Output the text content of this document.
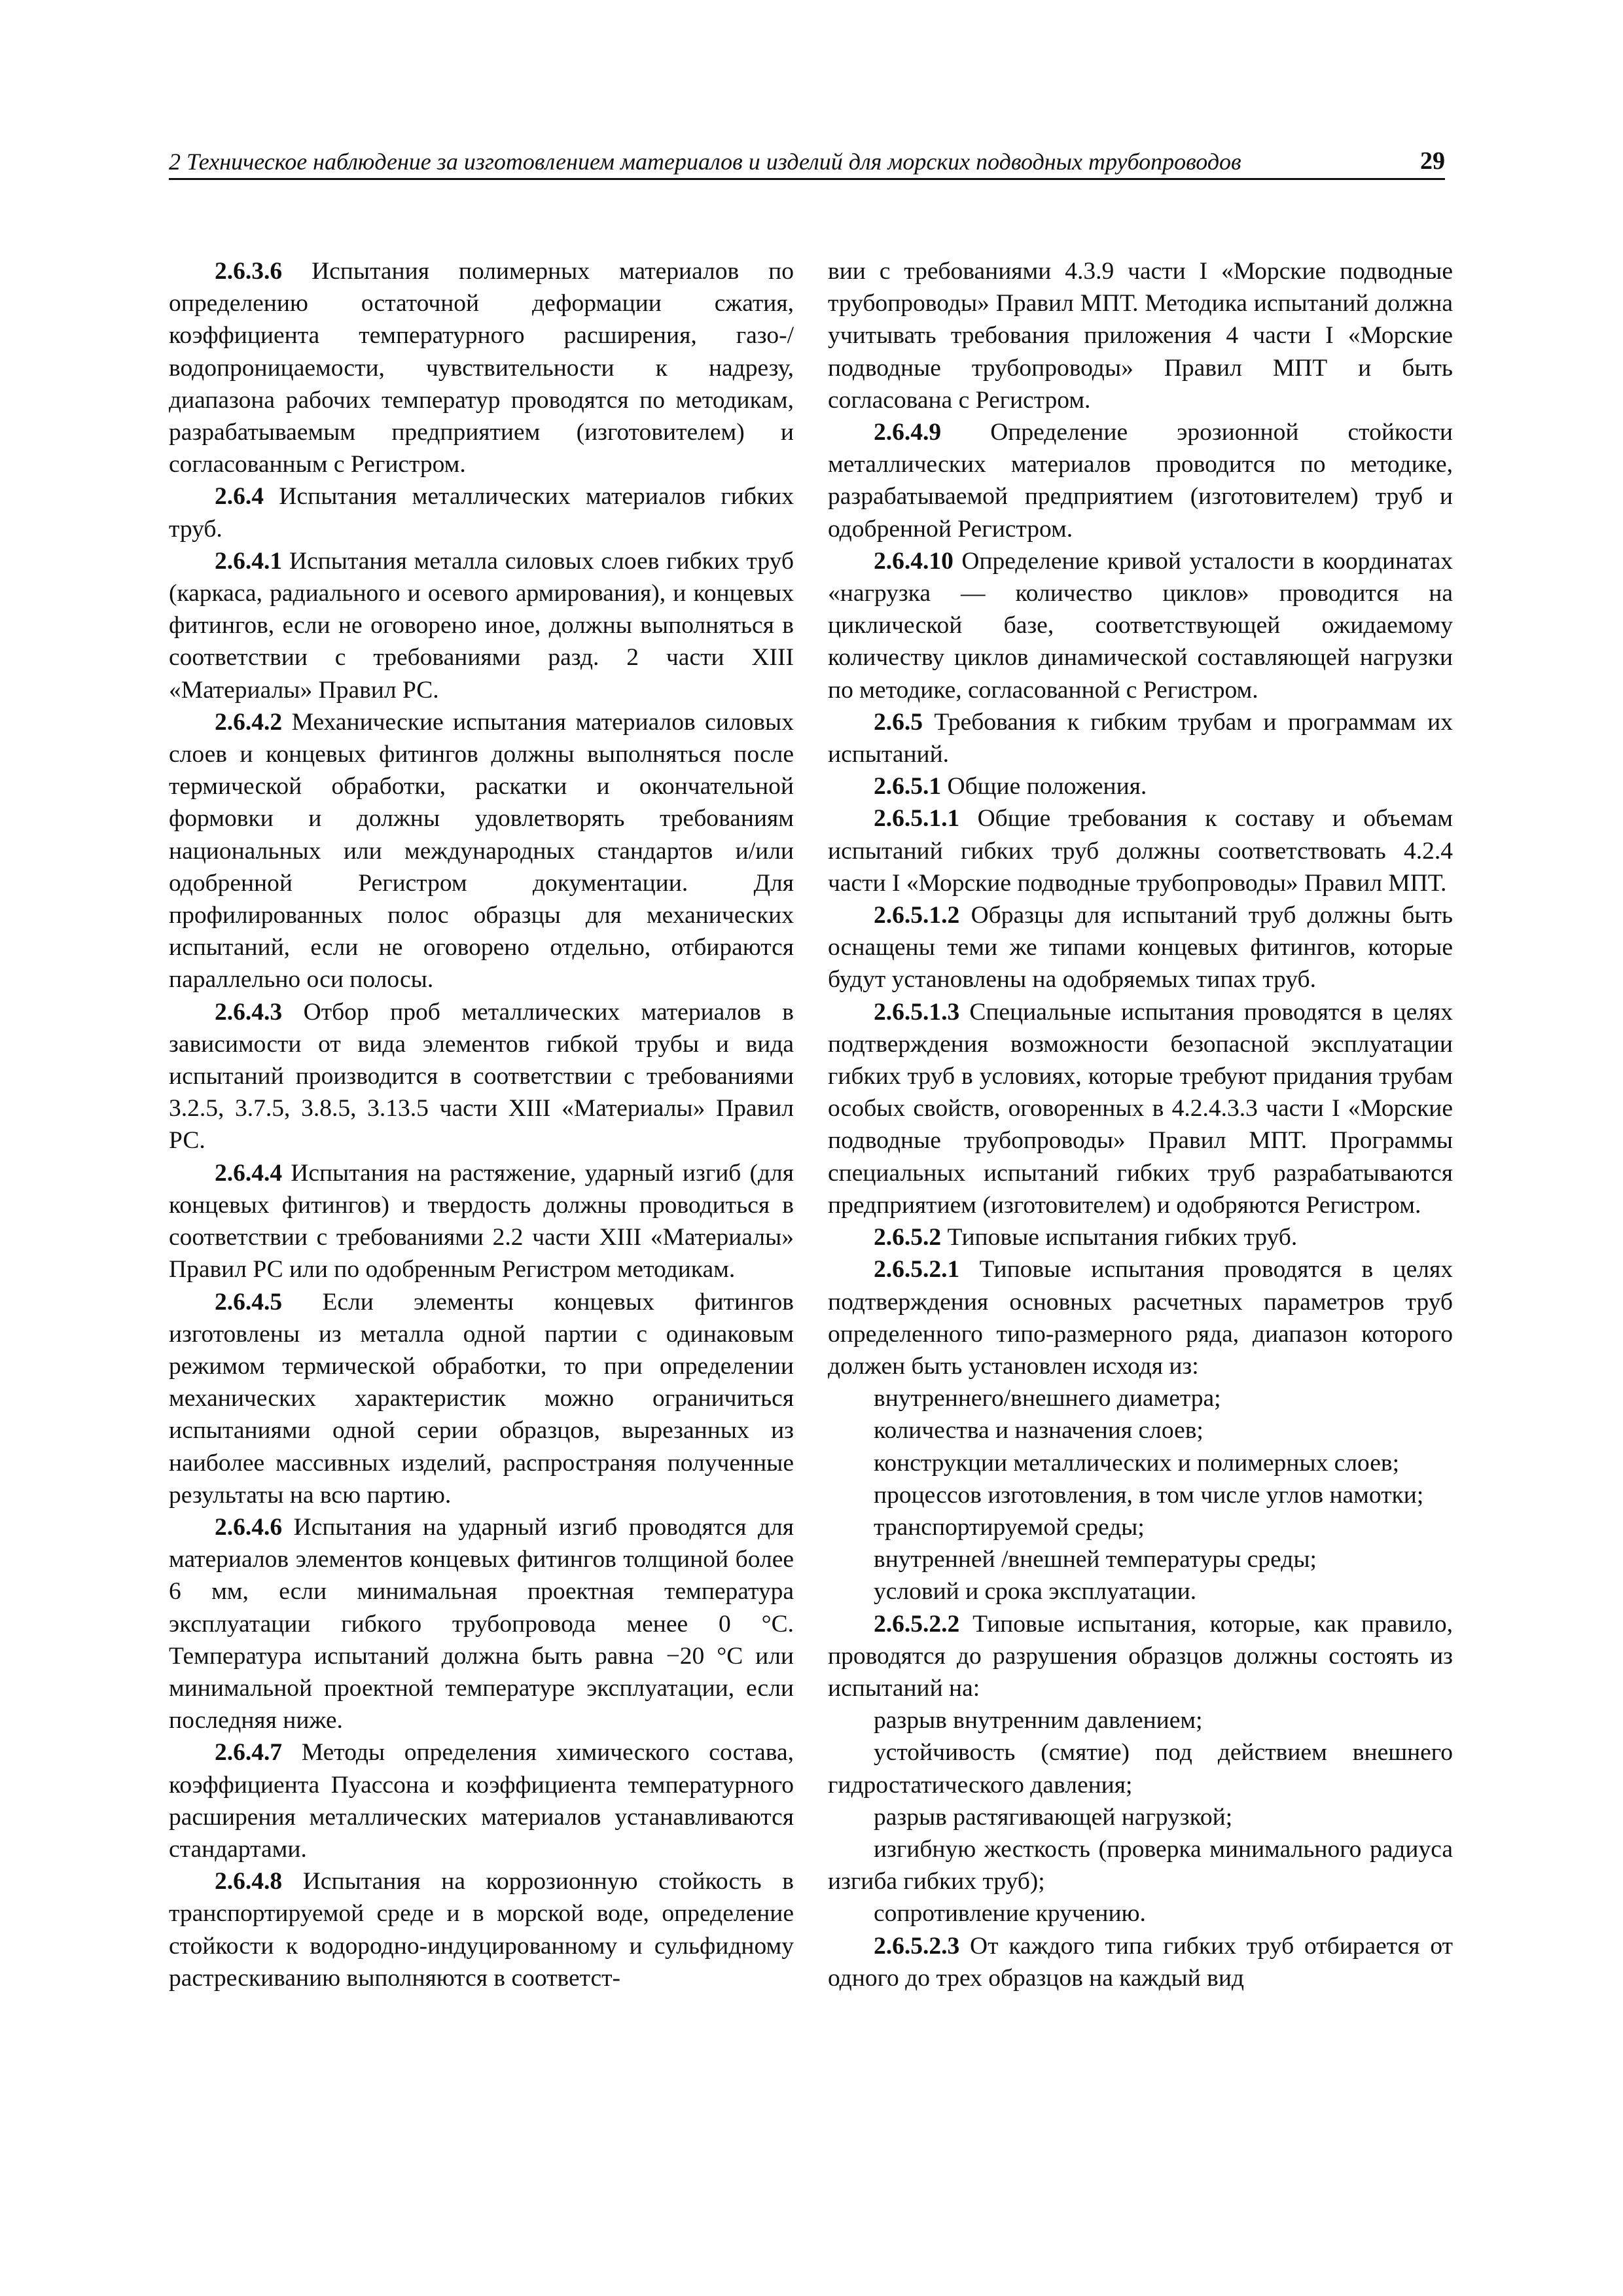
2 Техническое наблюдение за изготовлением материалов и изделий для морских подводных трубопроводов	29

2.6.3.6 Испытания полимерных материалов по определению остаточной деформации сжатия, коэффициента температурного расширения, газо-/водопроницаемости, чувствительности к надрезу, диапазона рабочих температур проводятся по методикам, разрабатываемым предприятием (изготовителем) и согласованным с Регистром.

2.6.4 Испытания металлических материалов гибких труб.

2.6.4.1 Испытания металла силовых слоев гибких труб (каркаса, радиального и осевого армирования), и концевых фитингов, если не оговорено иное, должны выполняться в соответствии с требованиями разд. 2 части XIII «Материалы» Правил РС.

2.6.4.2 Механические испытания материалов силовых слоев и концевых фитингов должны выполняться после термической обработки, раскатки и окончательной формовки и должны удовлетворять требованиям национальных или международных стандартов и/или одобренной Регистром документации. Для профилированных полос образцы для механических испытаний, если не оговорено отдельно, отбираются параллельно оси полосы.

2.6.4.3 Отбор проб металлических материалов в зависимости от вида элементов гибкой трубы и вида испытаний производится в соответствии с требованиями 3.2.5, 3.7.5, 3.8.5, 3.13.5 части XIII «Материалы» Правил РС.

2.6.4.4 Испытания на растяжение, ударный изгиб (для концевых фитингов) и твердость должны проводиться в соответствии с требованиями 2.2 части XIII «Материалы» Правил РС или по одобренным Регистром методикам.

2.6.4.5 Если элементы концевых фитингов изготовлены из металла одной партии с одинаковым режимом термической обработки, то при определении механических характеристик можно ограничиться испытаниями одной серии образцов, вырезанных из наиболее массивных изделий, распространяя полученные результаты на всю партию.

2.6.4.6 Испытания на ударный изгиб проводятся для материалов элементов концевых фитингов толщиной более 6 мм, если минимальная проектная температура эксплуатации гибкого трубопровода менее 0 °C. Температура испытаний должна быть равна −20 °C или минимальной проектной температуре эксплуатации, если последняя ниже.

2.6.4.7 Методы определения химического состава, коэффициента Пуассона и коэффициента температурного расширения металлических материалов устанавливаются стандартами.

2.6.4.8 Испытания на коррозионную стойкость в транспортируемой среде и в морской воде, определение стойкости к водородно-индуцированному и сульфидному растрескиванию выполняются в соответст-

вии с требованиями 4.3.9 части I «Морские подводные трубопроводы» Правил МПТ. Методика испытаний должна учитывать требования приложения 4 части I «Морские подводные трубопроводы» Правил МПТ и быть согласована с Регистром.

2.6.4.9 Определение эрозионной стойкости металлических материалов проводится по методике, разрабатываемой предприятием (изготовителем) труб и одобренной Регистром.

2.6.4.10 Определение кривой усталости в координатах «нагрузка — количество циклов» проводится на циклической базе, соответствующей ожидаемому количеству циклов динамической составляющей нагрузки по методике, согласованной с Регистром.

2.6.5 Требования к гибким трубам и программам их испытаний.

2.6.5.1 Общие положения.

2.6.5.1.1 Общие требования к составу и объемам испытаний гибких труб должны соответствовать 4.2.4 части I «Морские подводные трубопроводы» Правил МПТ.

2.6.5.1.2 Образцы для испытаний труб должны быть оснащены теми же типами концевых фитингов, которые будут установлены на одобряемых типах труб.

2.6.5.1.3 Специальные испытания проводятся в целях подтверждения возможности безопасной эксплуатации гибких труб в условиях, которые требуют придания трубам особых свойств, оговоренных в 4.2.4.3.3 части I «Морские подводные трубопроводы» Правил МПТ. Программы специальных испытаний гибких труб разрабатываются предприятием (изготовителем) и одобряются Регистром.

2.6.5.2 Типовые испытания гибких труб.

2.6.5.2.1 Типовые испытания проводятся в целях подтверждения основных расчетных параметров труб определенного типо-размерного ряда, диапазон которого должен быть установлен исходя из:

внутреннего/внешнего диаметра;

количества и назначения слоев;

конструкции металлических и полимерных слоев;

процессов изготовления, в том числе углов намотки;

транспортируемой среды;

внутренней /внешней температуры среды;

условий и срока эксплуатации.

2.6.5.2.2 Типовые испытания, которые, как правило, проводятся до разрушения образцов должны состоять из испытаний на:

разрыв внутренним давлением;

устойчивость (смятие) под действием внешнего гидростатического давления;

разрыв растягивающей нагрузкой;

изгибную жесткость (проверка минимального радиуса изгиба гибких труб);

сопротивление кручению.

2.6.5.2.3 От каждого типа гибких труб отбирается от одного до трех образцов на каждый вид
